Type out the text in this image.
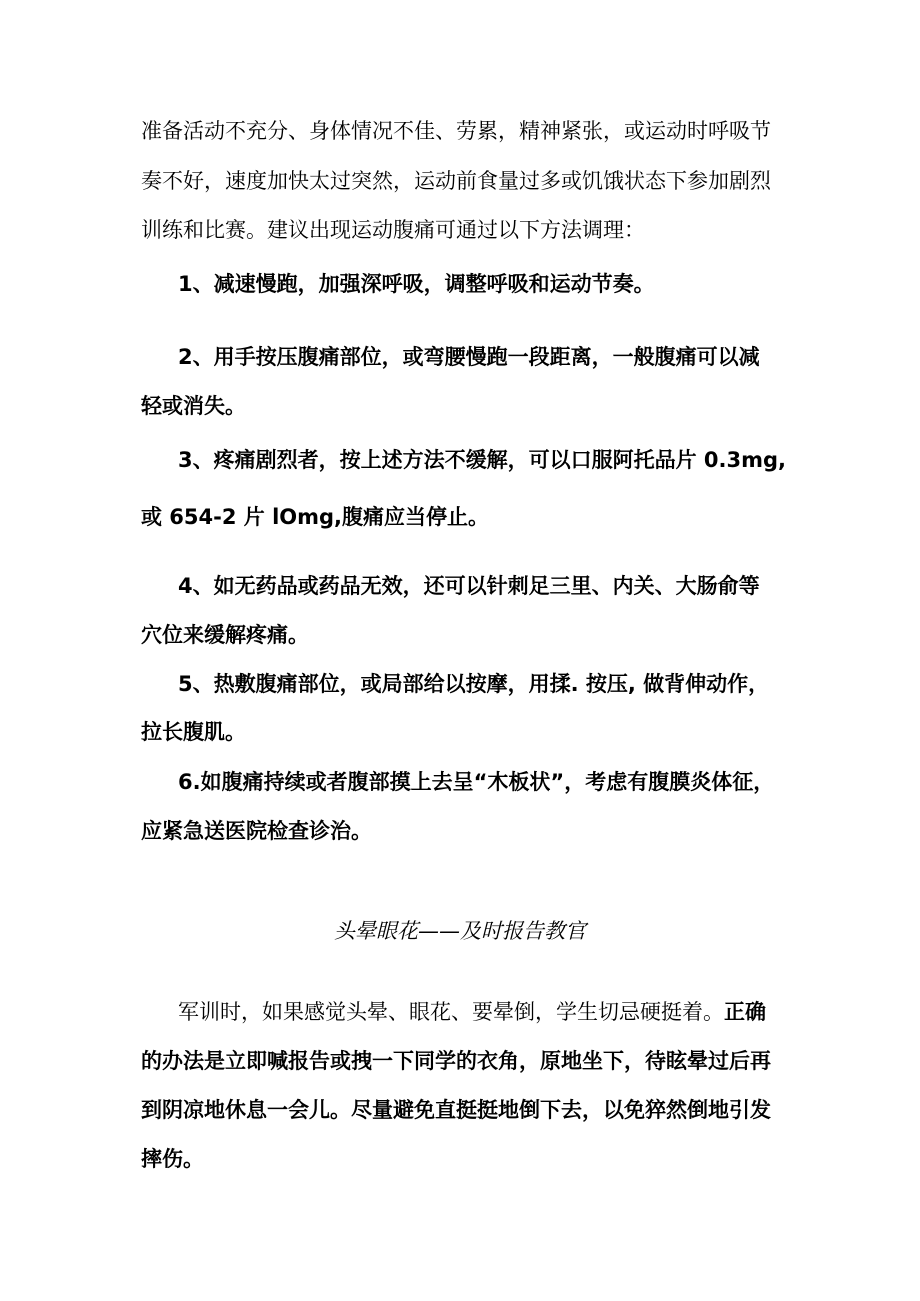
准备活动不充分、身体情况不佳、劳累，精神紧张，或运动时呼吸节

奏不好，速度加快太过突然，运动前食量过多或饥饿状态下参加剧烈

训练和比赛。建议出现运动腹痛可通过以下方法调理：

1、减速慢跑，加强深呼吸，调整呼吸和运动节奏。

2、用手按压腹痛部位，或弯腰慢跑一段距离，一般腹痛可以减

轻或消失。

3、疼痛剧烈者，按上述方法不缓解，可以口服阿托品片 0.3mg,

或 654-2 片 lOmg,腹痛应当停止。

4、如无药品或药品无效，还可以针刺足三里、内关、大肠俞等

穴位来缓解疼痛。

5、热敷腹痛部位，或局部给以按摩，用揉. 按压, 做背伸动作，

拉长腹肌。

6.如腹痛持续或者腹部摸上去呈“木板状”，考虑有腹膜炎体征，

应紧急送医院检查诊治。

头晕眼花——及时报告教官

军训时，如果感觉头晕、眼花、要晕倒，学生切忌硬挺着。正确

的办法是立即喊报告或拽一下同学的衣角，原地坐下，待眩晕过后再

到阴凉地休息一会儿。尽量避免直挺挺地倒下去，以免猝然倒地引发

摔伤。
